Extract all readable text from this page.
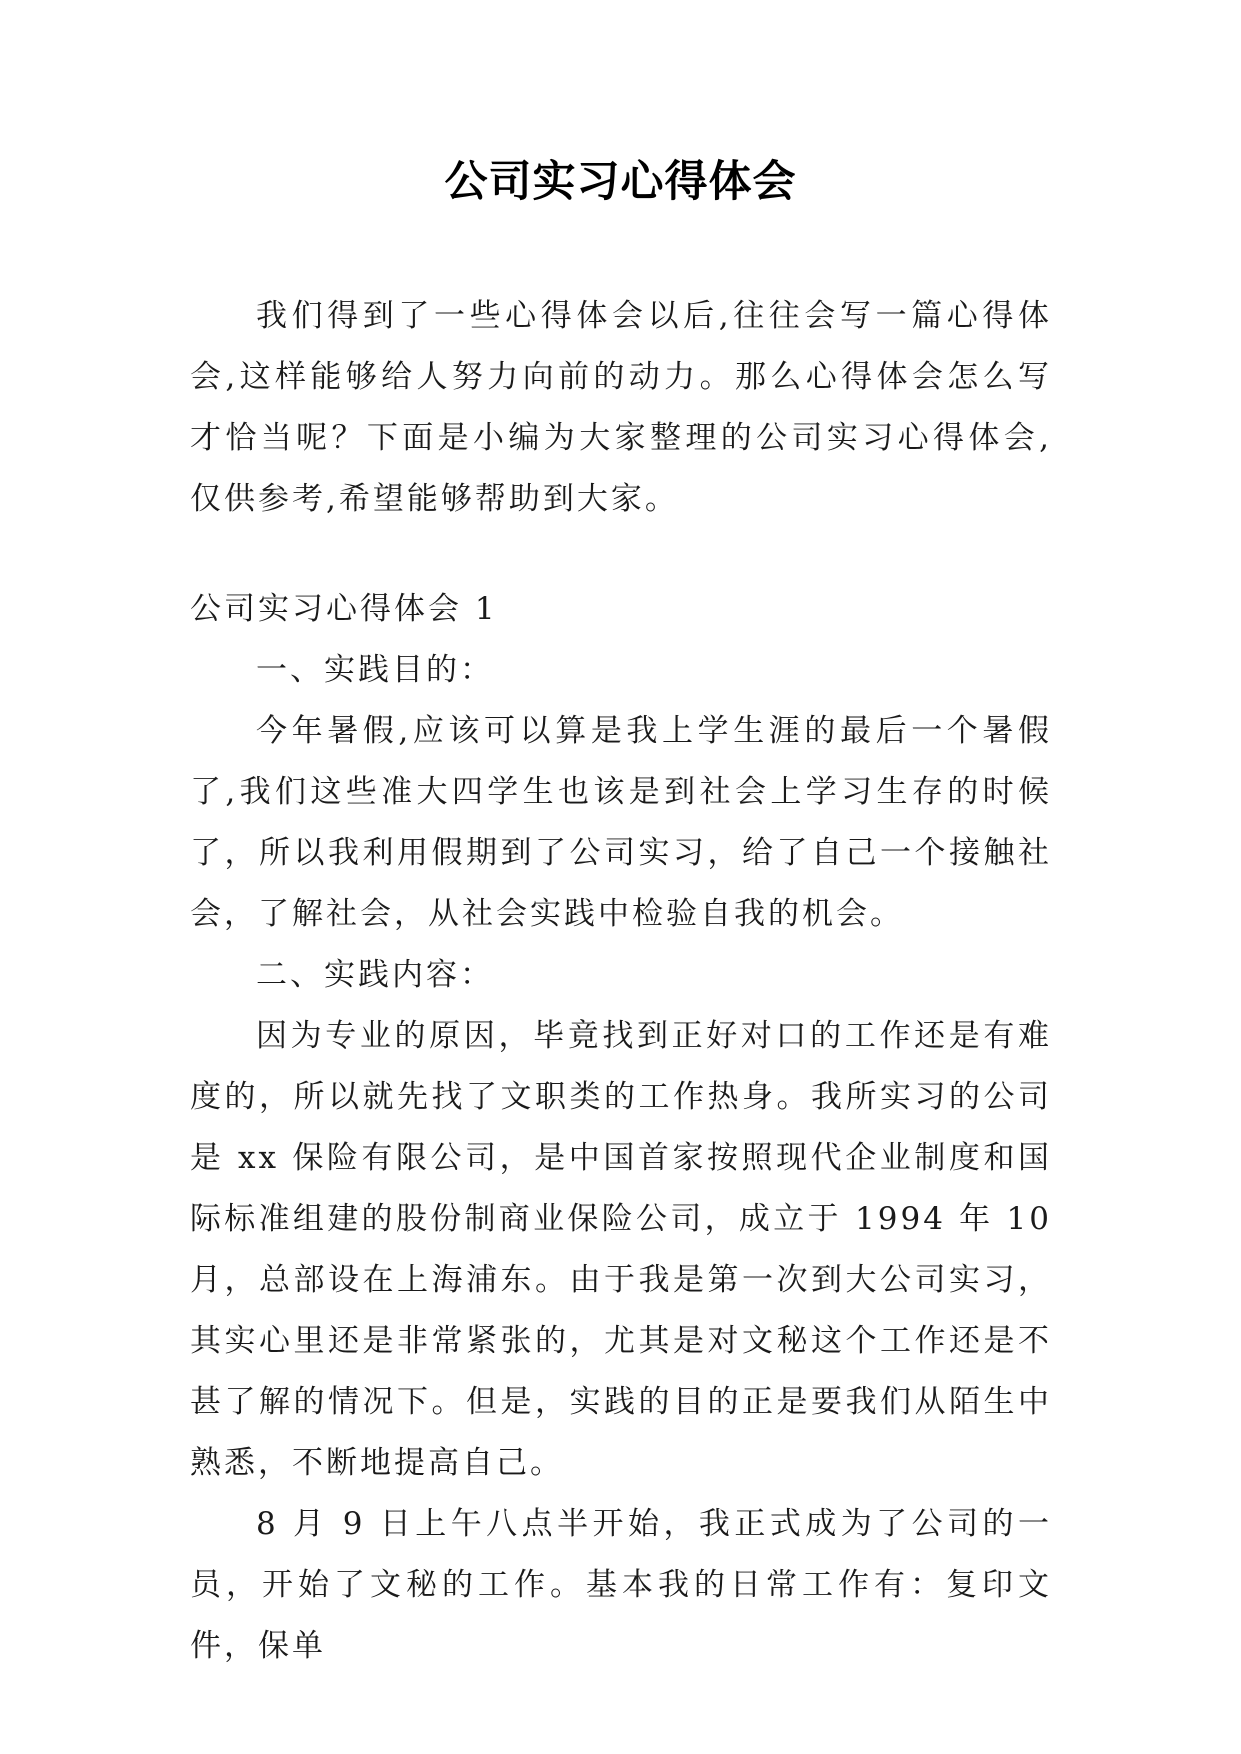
公司实习心得体会

我们得到了一些心得体会以后,往往会写一篇心得体会,这样能够给人努力向前的动力。那么心得体会怎么写才恰当呢？下面是小编为大家整理的公司实习心得体会,仅供参考,希望能够帮助到大家。

公司实习心得体会 1

一、实践目的：

今年暑假,应该可以算是我上学生涯的最后一个暑假了,我们这些准大四学生也该是到社会上学习生存的时候了，所以我利用假期到了公司实习，给了自己一个接触社会，了解社会，从社会实践中检验自我的机会。

二、实践内容：

因为专业的原因，毕竟找到正好对口的工作还是有难度的，所以就先找了文职类的工作热身。我所实习的公司是 xx 保险有限公司，是中国首家按照现代企业制度和国际标准组建的股份制商业保险公司，成立于 1994 年 10 月，总部设在上海浦东。由于我是第一次到大公司实习，其实心里还是非常紧张的，尤其是对文秘这个工作还是不甚了解的情况下。但是，实践的目的正是要我们从陌生中熟悉，不断地提高自己。

8 月 9 日上午八点半开始，我正式成为了公司的一员，开始了文秘的工作。基本我的日常工作有：复印文件，保单
